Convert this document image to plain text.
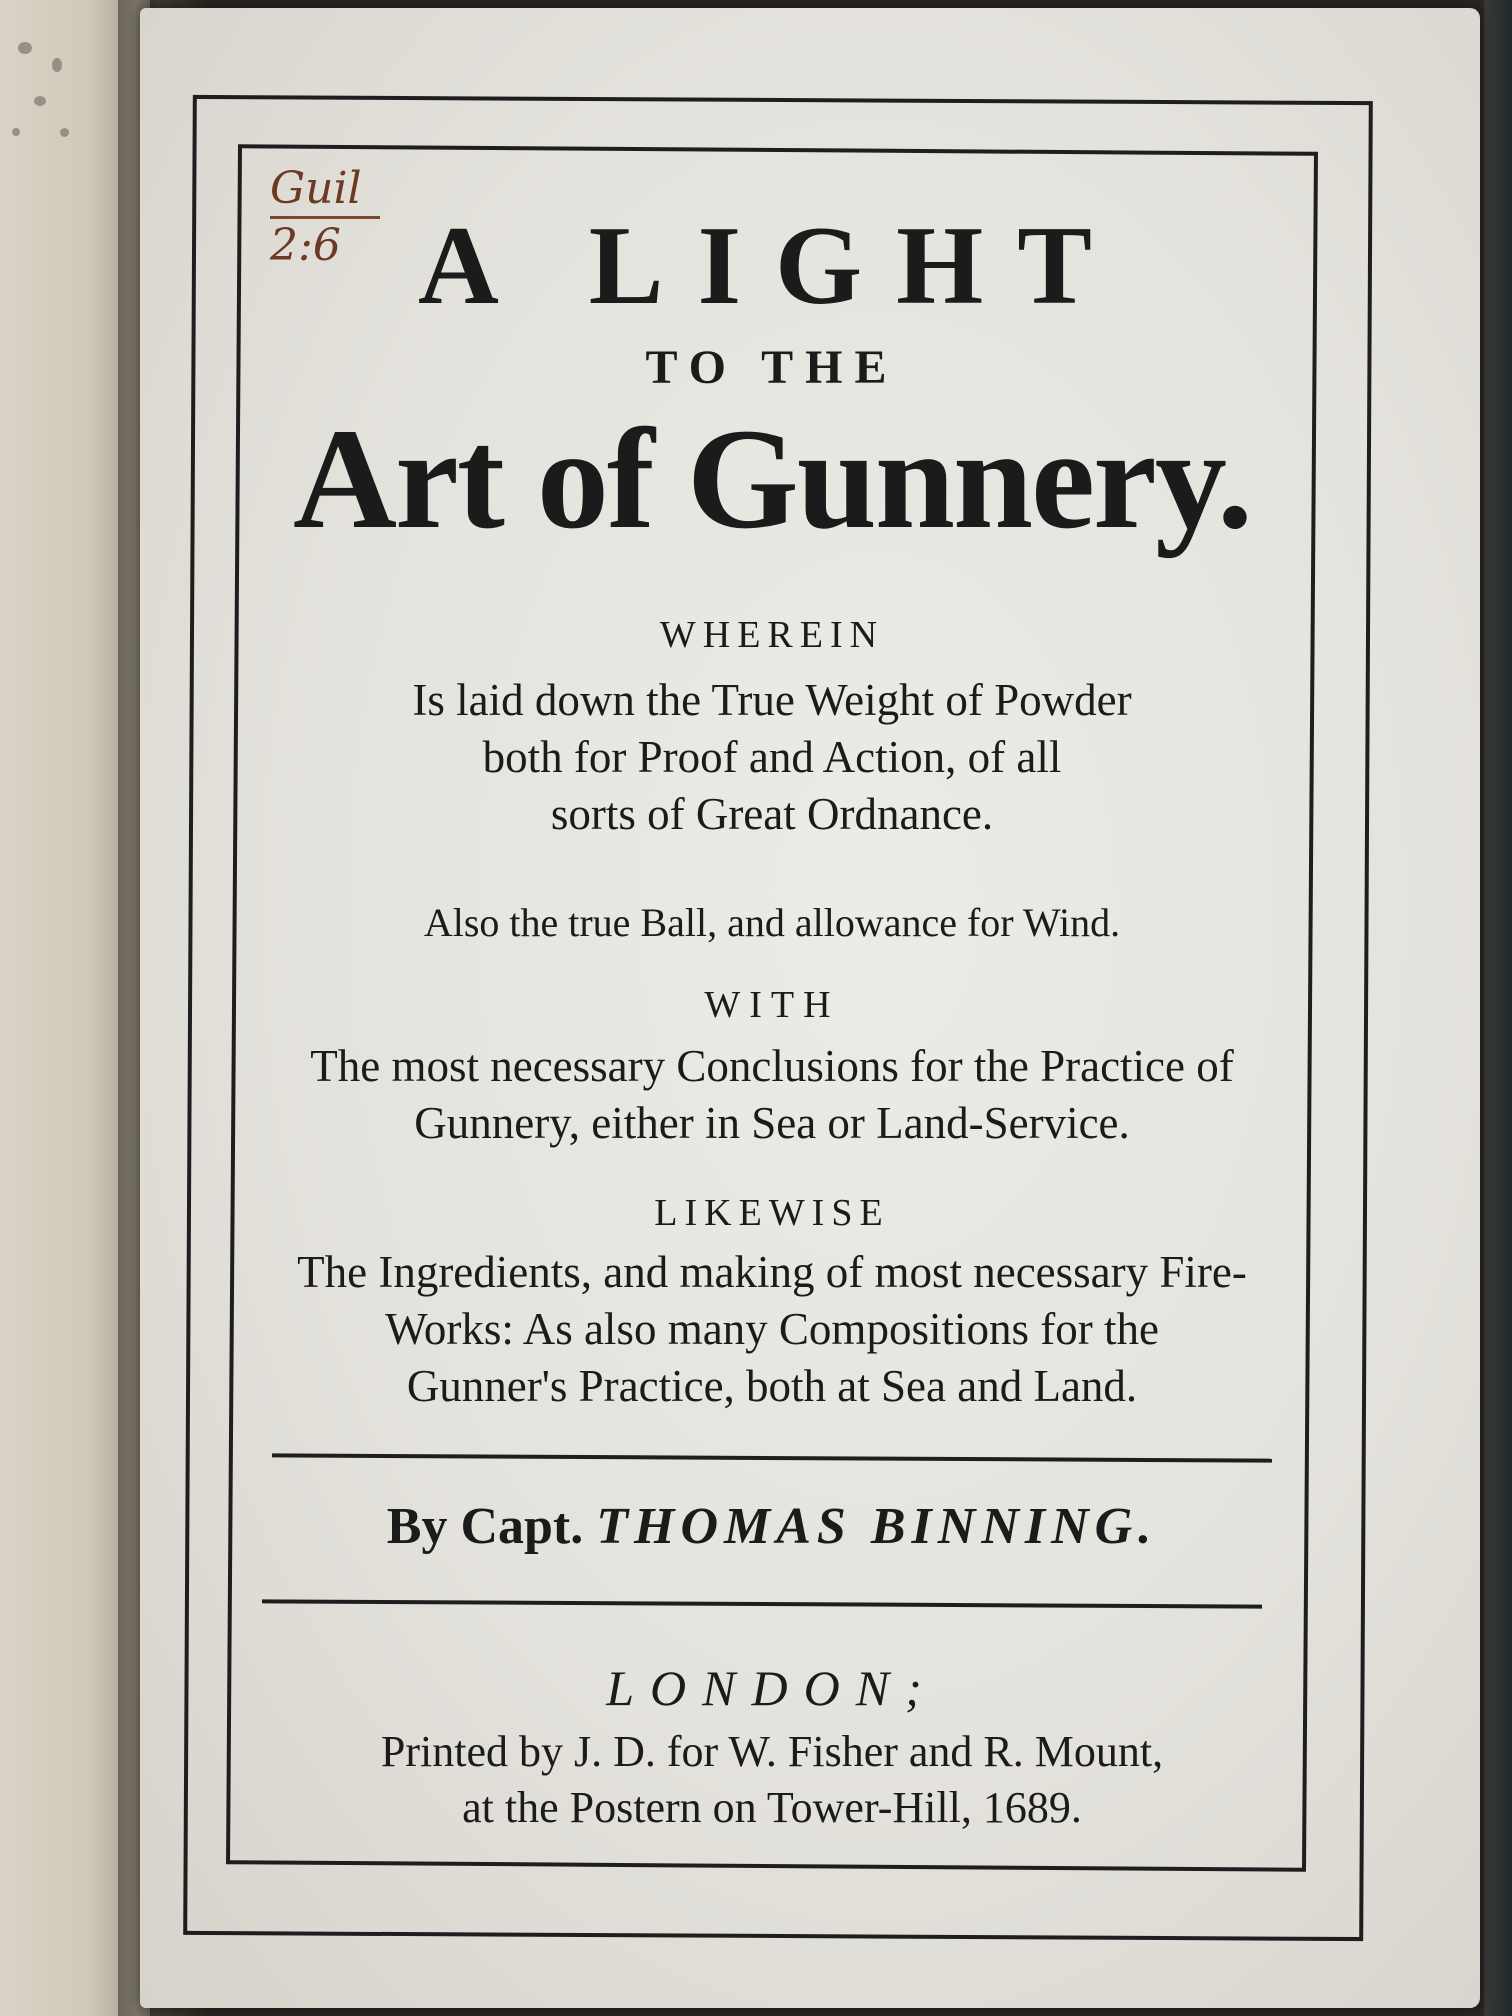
Guil
2:6 A LIGHT
TO THE
Art of Gunnery.
WHEREIN
Is laid down the True Weight of Powder
both for Proof and Action, of all
sorts of Great Ordnance.
Also the true Ball, and allowance for Wind.
WITH
The most necessary Conclusions for the Practice of
Gunnery, either in Sea or Land-Service.
LIKEWISE
The Ingredients, and making of most necessary Fire-
Works: As also many Compositions for the
Gunner's Practice, both at Sea and Land.
By Capt. THOMAS BINNING.
LONDON;
Printed by J. D. for W. Fisher and R. Mount,
at the Postern on Tower-Hill, 1689.
